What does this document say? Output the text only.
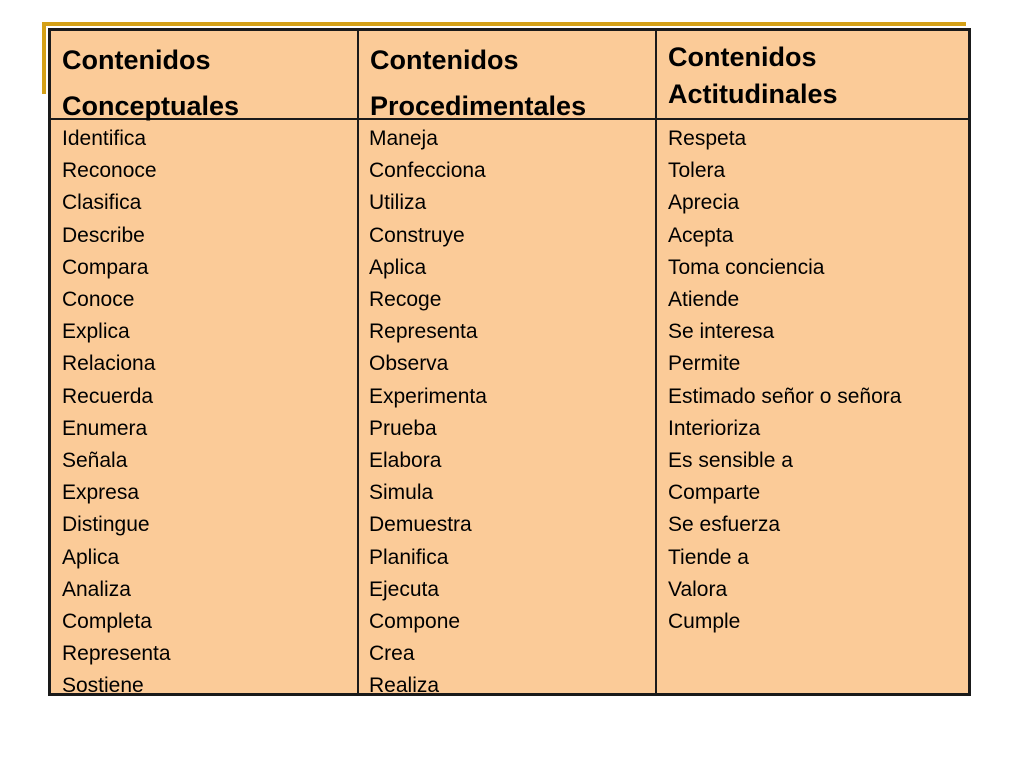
Contenidos
Conceptuales
Contenidos
Procedimentales
Contenidos
Actitudinales
Identifica
Reconoce
Clasifica
Describe
Compara
Conoce
Explica
Relaciona
Recuerda
Enumera
Señala
Expresa
Distingue
Aplica
Analiza
Completa
Representa
Sostiene
Maneja
Confecciona
Utiliza
Construye
Aplica
Recoge
Representa
Observa
Experimenta
Prueba
Elabora
Simula
Demuestra
Planifica
Ejecuta
Compone
Crea
Realiza
Respeta
Tolera
Aprecia
Acepta
Toma conciencia
Atiende
Se interesa
Permite
Estimado señor o señora
Interioriza
Es sensible a
Comparte
Se esfuerza
Tiende a
Valora
Cumple
